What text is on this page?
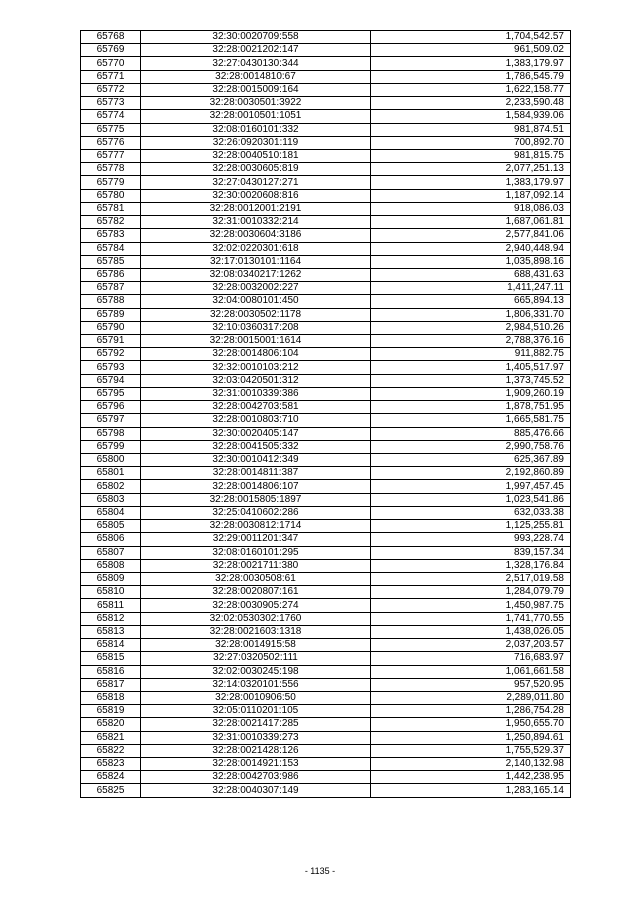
65768	32:30:0020709:558	1,704,542.57
65769	32:28:0021202:147	961,509.02
65770	32:27:0430130:344	1,383,179.97
65771	32:28:0014810:67	1,786,545.79
65772	32:28:0015009:164	1,622,158.77
65773	32:28:0030501:3922	2,233,590.48
65774	32:28:0010501:1051	1,584,939.06
65775	32:08:0160101:332	981,874.51
65776	32:26:0920301:119	700,892.70
65777	32:28:0040510:181	981,815.75
65778	32:28:0030605:819	2,077,251.13
65779	32:27:0430127:271	1,383,179.97
65780	32:30:0020608:816	1,187,092.14
65781	32:28:0012001:2191	918,086.03
65782	32:31:0010332:214	1,687,061.81
65783	32:28:0030604:3186	2,577,841.06
65784	32:02:0220301:618	2,940,448.94
65785	32:17:0130101:1164	1,035,898.16
65786	32:08:0340217:1262	688,431.63
65787	32:28:0032002:227	1,411,247.11
65788	32:04:0080101:450	665,894.13
65789	32:28:0030502:1178	1,806,331.70
65790	32:10:0360317:208	2,984,510.26
65791	32:28:0015001:1614	2,788,376.16
65792	32:28:0014806:104	911,882.75
65793	32:32:0010103:212	1,405,517.97
65794	32:03:0420501:312	1,373,745.52
65795	32:31:0010339:386	1,909,260.19
65796	32:28:0042703:581	1,878,751.95
65797	32:28:0010803:710	1,665,581.75
65798	32:30:0020405:147	885,476.66
65799	32:28:0041505:332	2,990,758.76
65800	32:30:0010412:349	625,367.89
65801	32:28:0014811:387	2,192,860.89
65802	32:28:0014806:107	1,997,457.45
65803	32:28:0015805:1897	1,023,541.86
65804	32:25:0410602:286	632,033.38
65805	32:28:0030812:1714	1,125,255.81
65806	32:29:0011201:347	993,228.74
65807	32:08:0160101:295	839,157.34
65808	32:28:0021711:380	1,328,176.84
65809	32:28:0030508:61	2,517,019.58
65810	32:28:0020807:161	1,284,079.79
65811	32:28:0030905:274	1,450,987.75
65812	32:02:0530302:1760	1,741,770.55
65813	32:28:0021603:1318	1,438,026.05
65814	32:28:0014915:58	2,037,203.57
65815	32:27:0320502:111	716,683.97
65816	32:02:0030245:198	1,061,661.58
65817	32:14:0320101:556	957,520.95
65818	32:28:0010906:50	2,289,011.80
65819	32:05:0110201:105	1,286,754.28
65820	32:28:0021417:285	1,950,655.70
65821	32:31:0010339:273	1,250,894.61
65822	32:28:0021428:126	1,755,529.37
65823	32:28:0014921:153	2,140,132.98
65824	32:28:0042703:986	1,442,238.95
65825	32:28:0040307:149	1,283,165.14
- 1135 -
